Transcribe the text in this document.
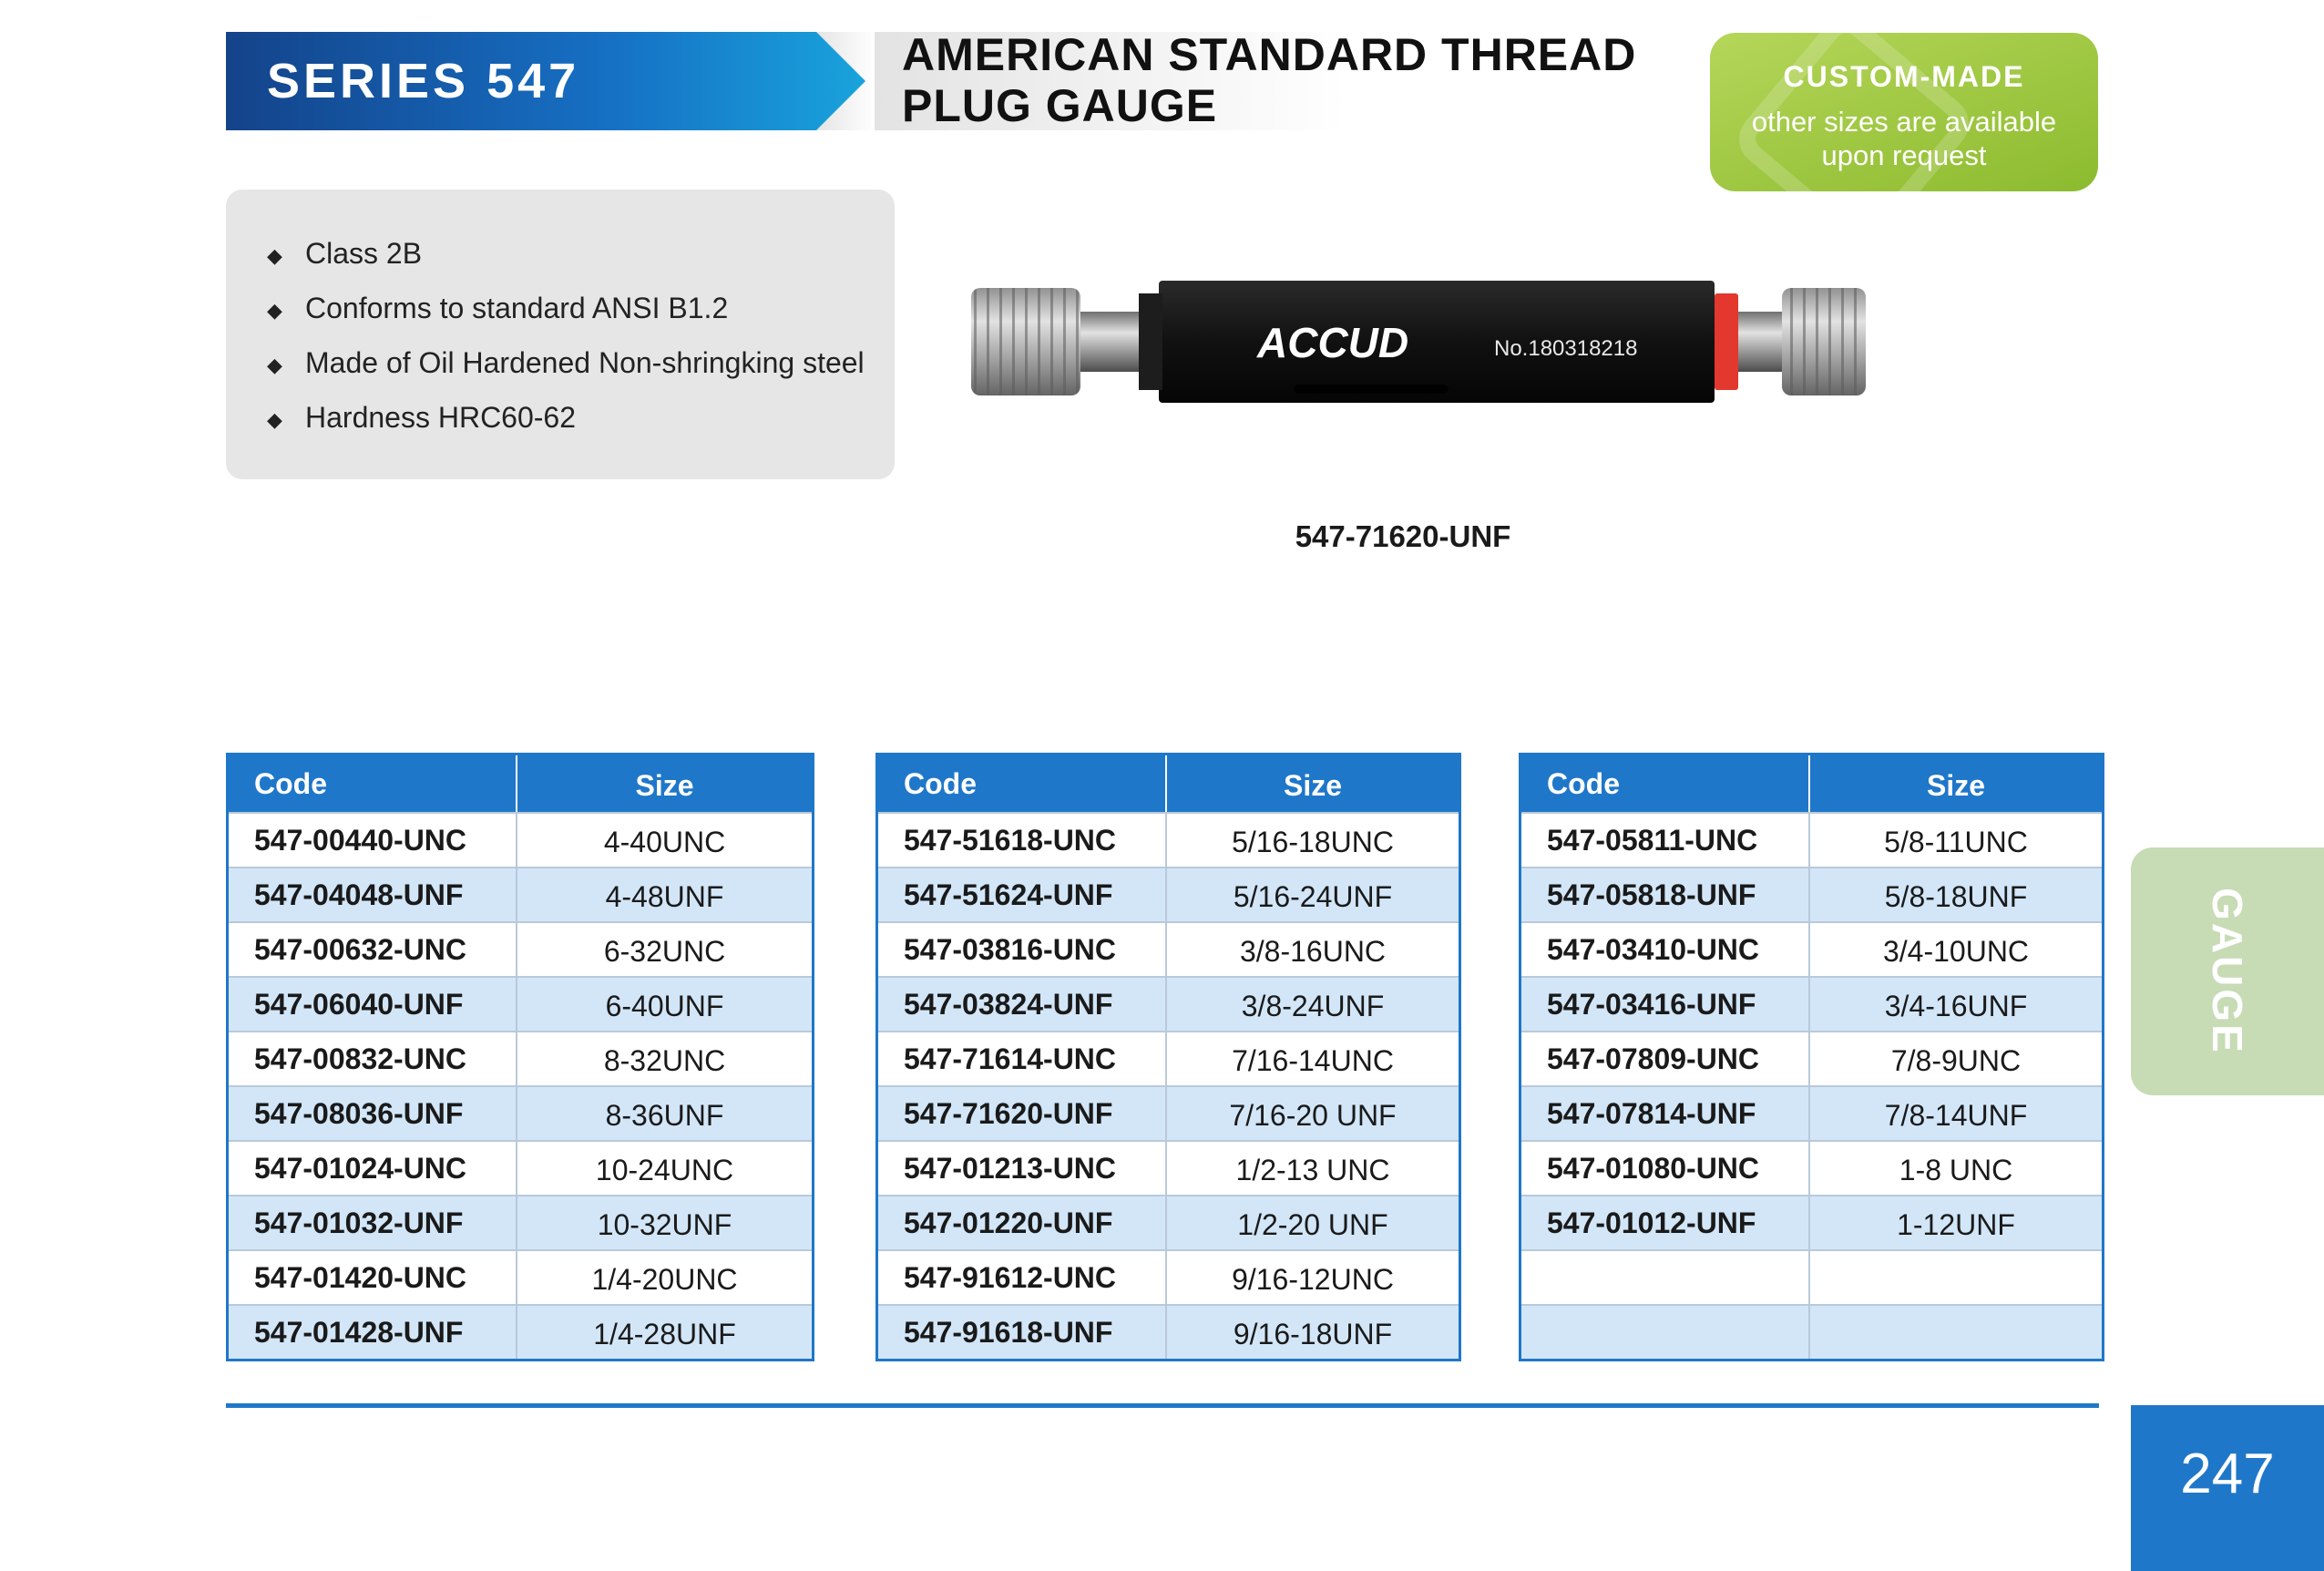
SERIES 547	AMERICAN STANDARD THREAD
PLUG GAUGE
CUSTOM-MADE
other sizes are available
upon request
◆ Class 2B
◆ Conforms to standard ANSI B1.2
◆ Made of Oil Hardened Non-shringking steel
◆ Hardness HRC60-62
ACCUD	No.180318218
547-71620-UNF
Code	Size
547-00440-UNC	4-40UNC
547-04048-UNF	4-48UNF
547-00632-UNC	6-32UNC
547-06040-UNF	6-40UNF
547-00832-UNC	8-32UNC
547-08036-UNF	8-36UNF
547-01024-UNC	10-24UNC
547-01032-UNF	10-32UNF
547-01420-UNC	1/4-20UNC
547-01428-UNF	1/4-28UNF
Code	Size
547-51618-UNC	5/16-18UNC
547-51624-UNF	5/16-24UNF
547-03816-UNC	3/8-16UNC
547-03824-UNF	3/8-24UNF
547-71614-UNC	7/16-14UNC
547-71620-UNF	7/16-20 UNF
547-01213-UNC	1/2-13 UNC
547-01220-UNF	1/2-20 UNF
547-91612-UNC	9/16-12UNC
547-91618-UNF	9/16-18UNF
Code	Size
547-05811-UNC	5/8-11UNC
547-05818-UNF	5/8-18UNF
547-03410-UNC	3/4-10UNC
547-03416-UNF	3/4-16UNF
547-07809-UNC	7/8-9UNC
547-07814-UNF	7/8-14UNF
547-01080-UNC	1-8 UNC
547-01012-UNF	1-12UNF
GAUGE
247
